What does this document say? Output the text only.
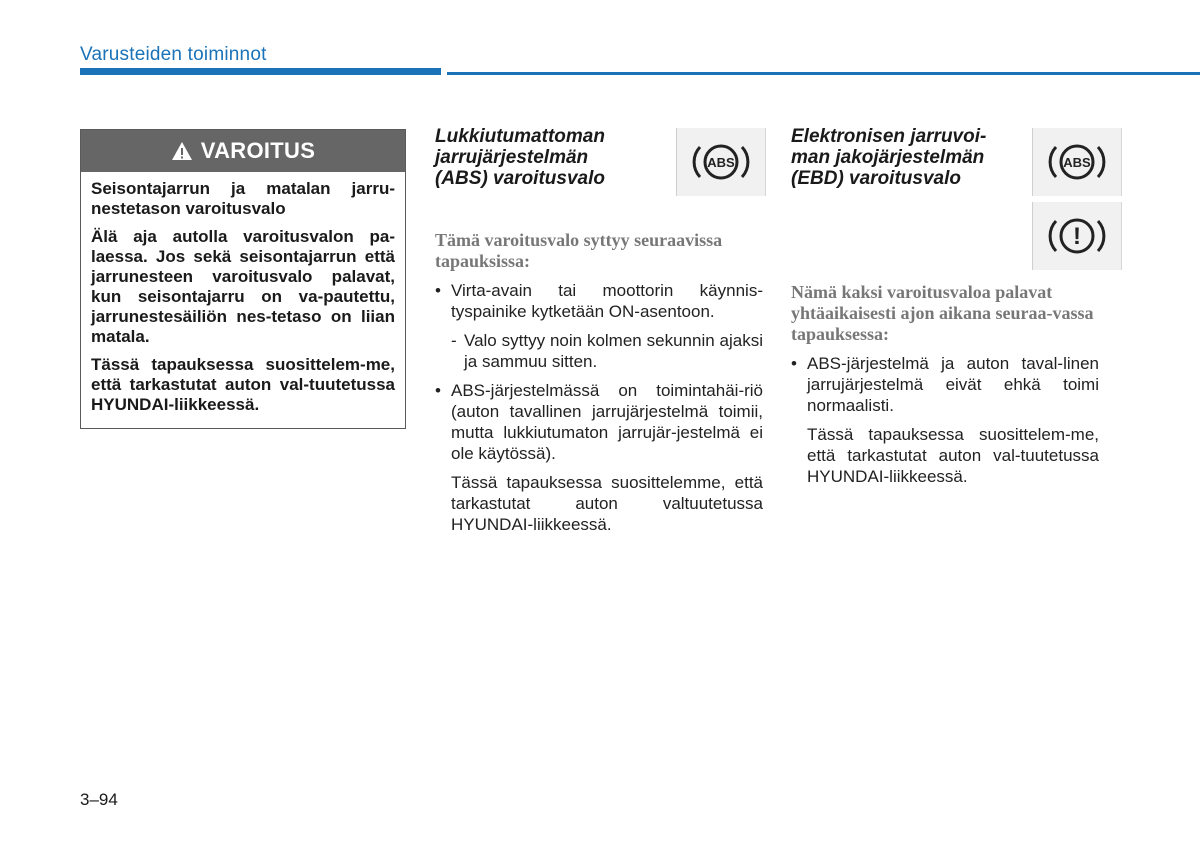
Varusteiden toiminnot
VAROITUS

Seisontajarrun ja matalan jarru-nestetason varoitusvalo

Älä aja autolla varoitusvalon pa-laessa. Jos sekä seisontajarrun että jarrunesteen varoitusvalo palavat, kun seisontajarru on va-pautettu, jarrunestesäiliön nes-tetaso on liian matala.

Tässä tapauksessa suosittelem-me, että tarkastutat auton val-tuutetussa HYUNDAI-liikkeessä.

Lukkiutumattoman

jarrujärjestelmän

(ABS) varoitusvalo

ABS

Tämä varoitusvalo syttyy seuraavissa tapauksissa:

• Virta-avain tai moottorin käynnis-tyspainike kytketään ON-asentoon.
- Valo syttyy noin kolmen sekunnin ajaksi ja sammuu sitten.
• ABS-järjestelmässä on toimintahäi-riö (auton tavallinen jarrujärjestelmä toimii, mutta lukkiutumaton jarrujär-jestelmä ei ole käytössä).

Tässä tapauksessa suosittelemme, että tarkastutat auton valtuutetussa HYUNDAI-liikkeessä.

Elektronisen jarruvoi-

man jakojärjestelmän

(EBD) varoitusvalo

ABS
!

Nämä kaksi varoitusvaloa palavat yhtäaikaisesti ajon aikana seuraa-vassa tapauksessa:

• ABS-järjestelmä ja auton taval-linen jarrujärjestelmä eivät ehkä toimi normaalisti.

Tässä tapauksessa suosittelem-me, että tarkastutat auton val-tuutetussa HYUNDAI-liikkeessä.

3–94
